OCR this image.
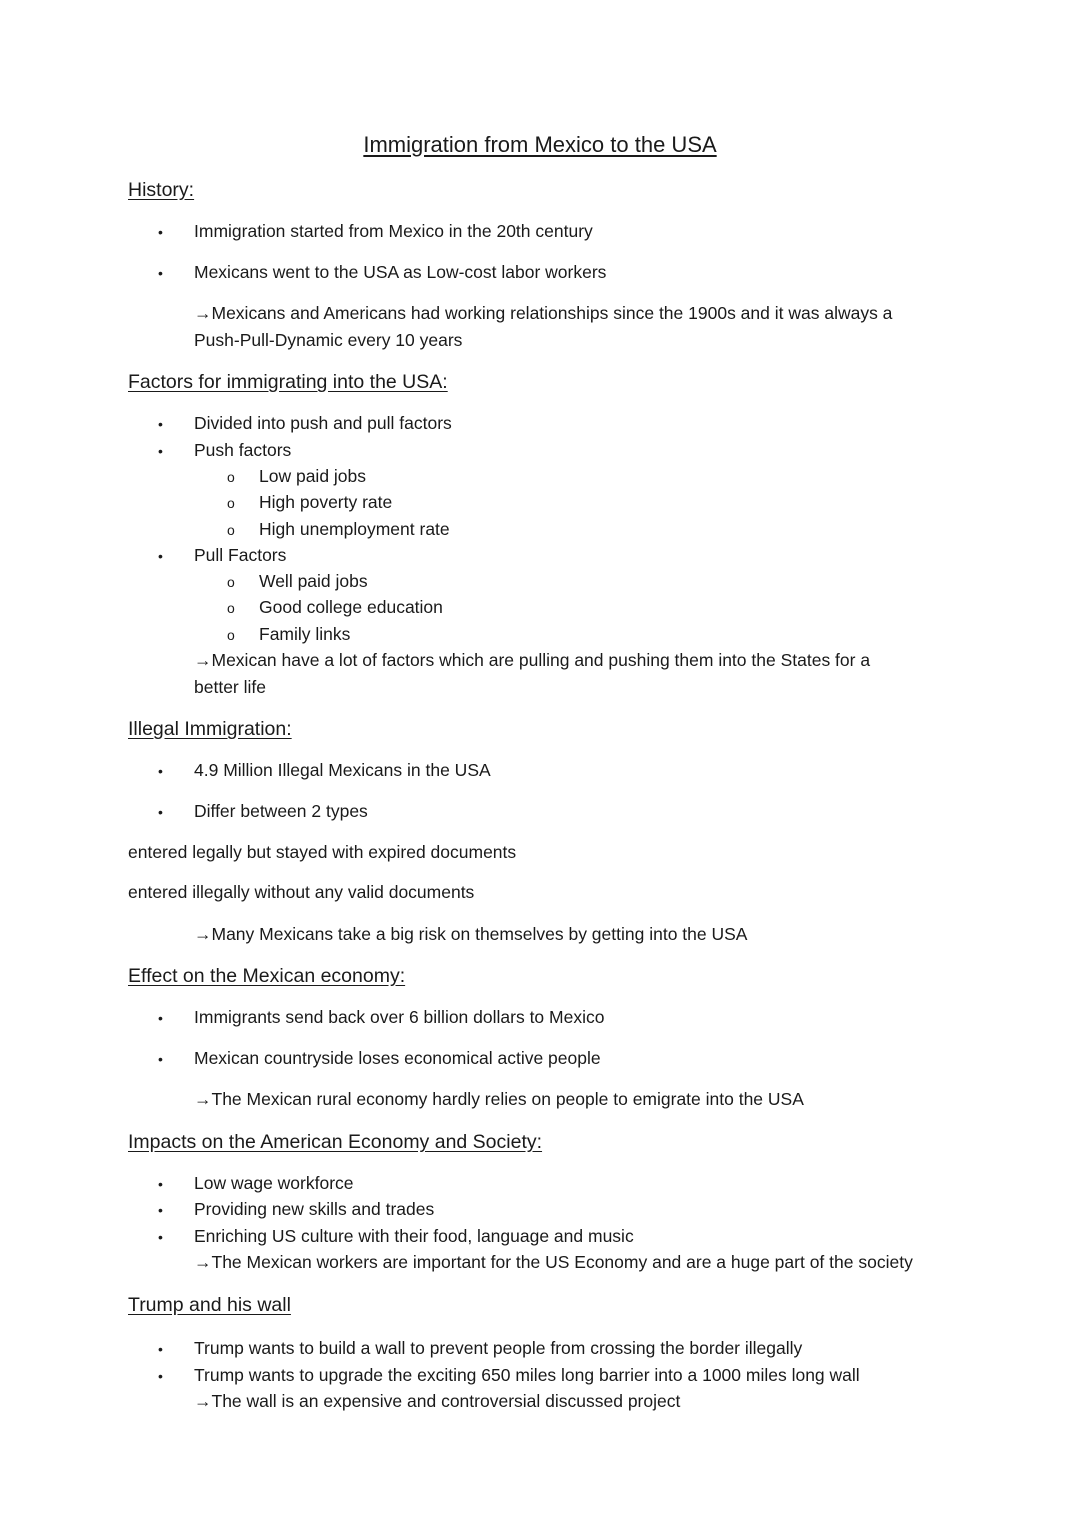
Immigration from Mexico to the USA
History:
• Immigration started from Mexico in the 20th century
• Mexicans went to the USA as Low-cost labor workers
→Mexicans and Americans had working relationships since the 1900s and it was always a
Push-Pull-Dynamic every 10 years
Factors for immigrating into the USA:
• Divided into push and pull factors
• Push factors
o Low paid jobs
o High poverty rate
o High unemployment rate
• Pull Factors
o Well paid jobs
o Good college education
o Family links
→Mexican have a lot of factors which are pulling and pushing them into the States for a
better life
Illegal Immigration:
• 4.9 Million Illegal Mexicans in the USA
• Differ between 2 types
entered legally but stayed with expired documents
entered illegally without any valid documents
→Many Mexicans take a big risk on themselves by getting into the USA
Effect on the Mexican economy:
• Immigrants send back over 6 billion dollars to Mexico
• Mexican countryside loses economical active people
→The Mexican rural economy hardly relies on people to emigrate into the USA
Impacts on the American Economy and Society:
• Low wage workforce
• Providing new skills and trades
• Enriching US culture with their food, language and music
→The Mexican workers are important for the US Economy and are a huge part of the society
Trump and his wall
• Trump wants to build a wall to prevent people from crossing the border illegally
• Trump wants to upgrade the exciting 650 miles long barrier into a 1000 miles long wall
→The wall is an expensive and controversial discussed project
